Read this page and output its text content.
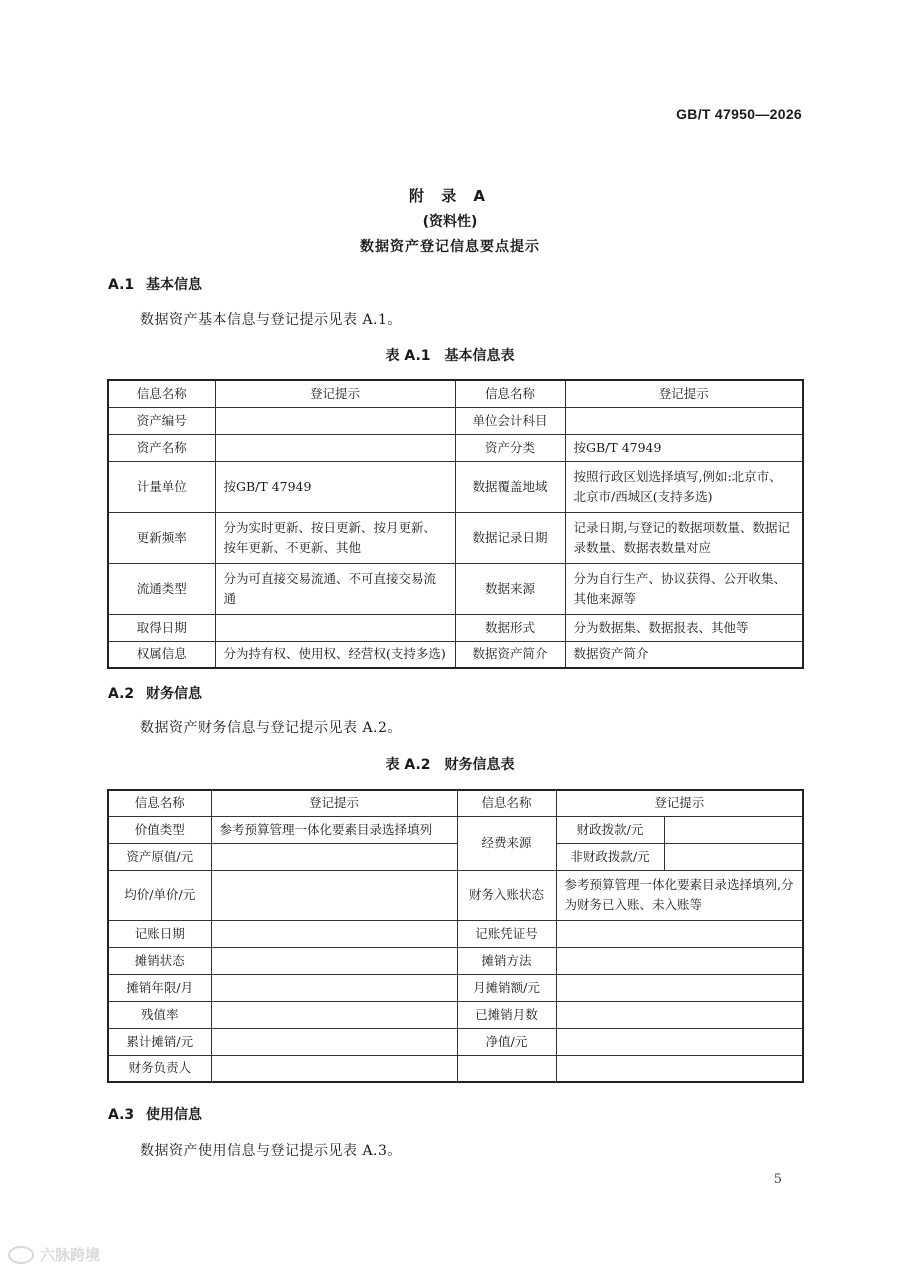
GB/T 47950—2026
附 录 A
(资料性)
数据资产登记信息要点提示
A.1 基本信息
数据资产基本信息与登记提示见表 A.1。
表 A.1 基本信息表
信息名称	登记提示	信息名称	登记提示
资产编号		单位会计科目	
资产名称		资产分类	按GB/T 47949
计量单位	按GB/T 47949	数据覆盖地域	按照行政区划选择填写,例如:北京市、北京市/西城区(支持多选)
更新频率	分为实时更新、按日更新、按月更新、按年更新、不更新、其他	数据记录日期	记录日期,与登记的数据项数量、数据记录数量、数据表数量对应
流通类型	分为可直接交易流通、不可直接交易流通	数据来源	分为自行生产、协议获得、公开收集、其他来源等
取得日期		数据形式	分为数据集、数据报表、其他等
权属信息	分为持有权、使用权、经营权(支持多选)	数据资产简介	数据资产简介
A.2 财务信息
数据资产财务信息与登记提示见表 A.2。
表 A.2 财务信息表
信息名称	登记提示	信息名称	登记提示	
价值类型	参考预算管理一体化要素目录选择填列	经费来源	财政拨款/元	
资产原值/元			非财政拨款/元	
均价/单价/元		财务入账状态	参考预算管理一体化要素目录选择填列,分为财务已入账、未入账等	
记账日期		记账凭证号		
摊销状态		摊销方法		
摊销年限/月		月摊销额/元		
残值率		已摊销月数		
累计摊销/元		净值/元		
财务负责人				
A.3 使用信息
数据资产使用信息与登记提示见表 A.3。
5
六脉跨境
